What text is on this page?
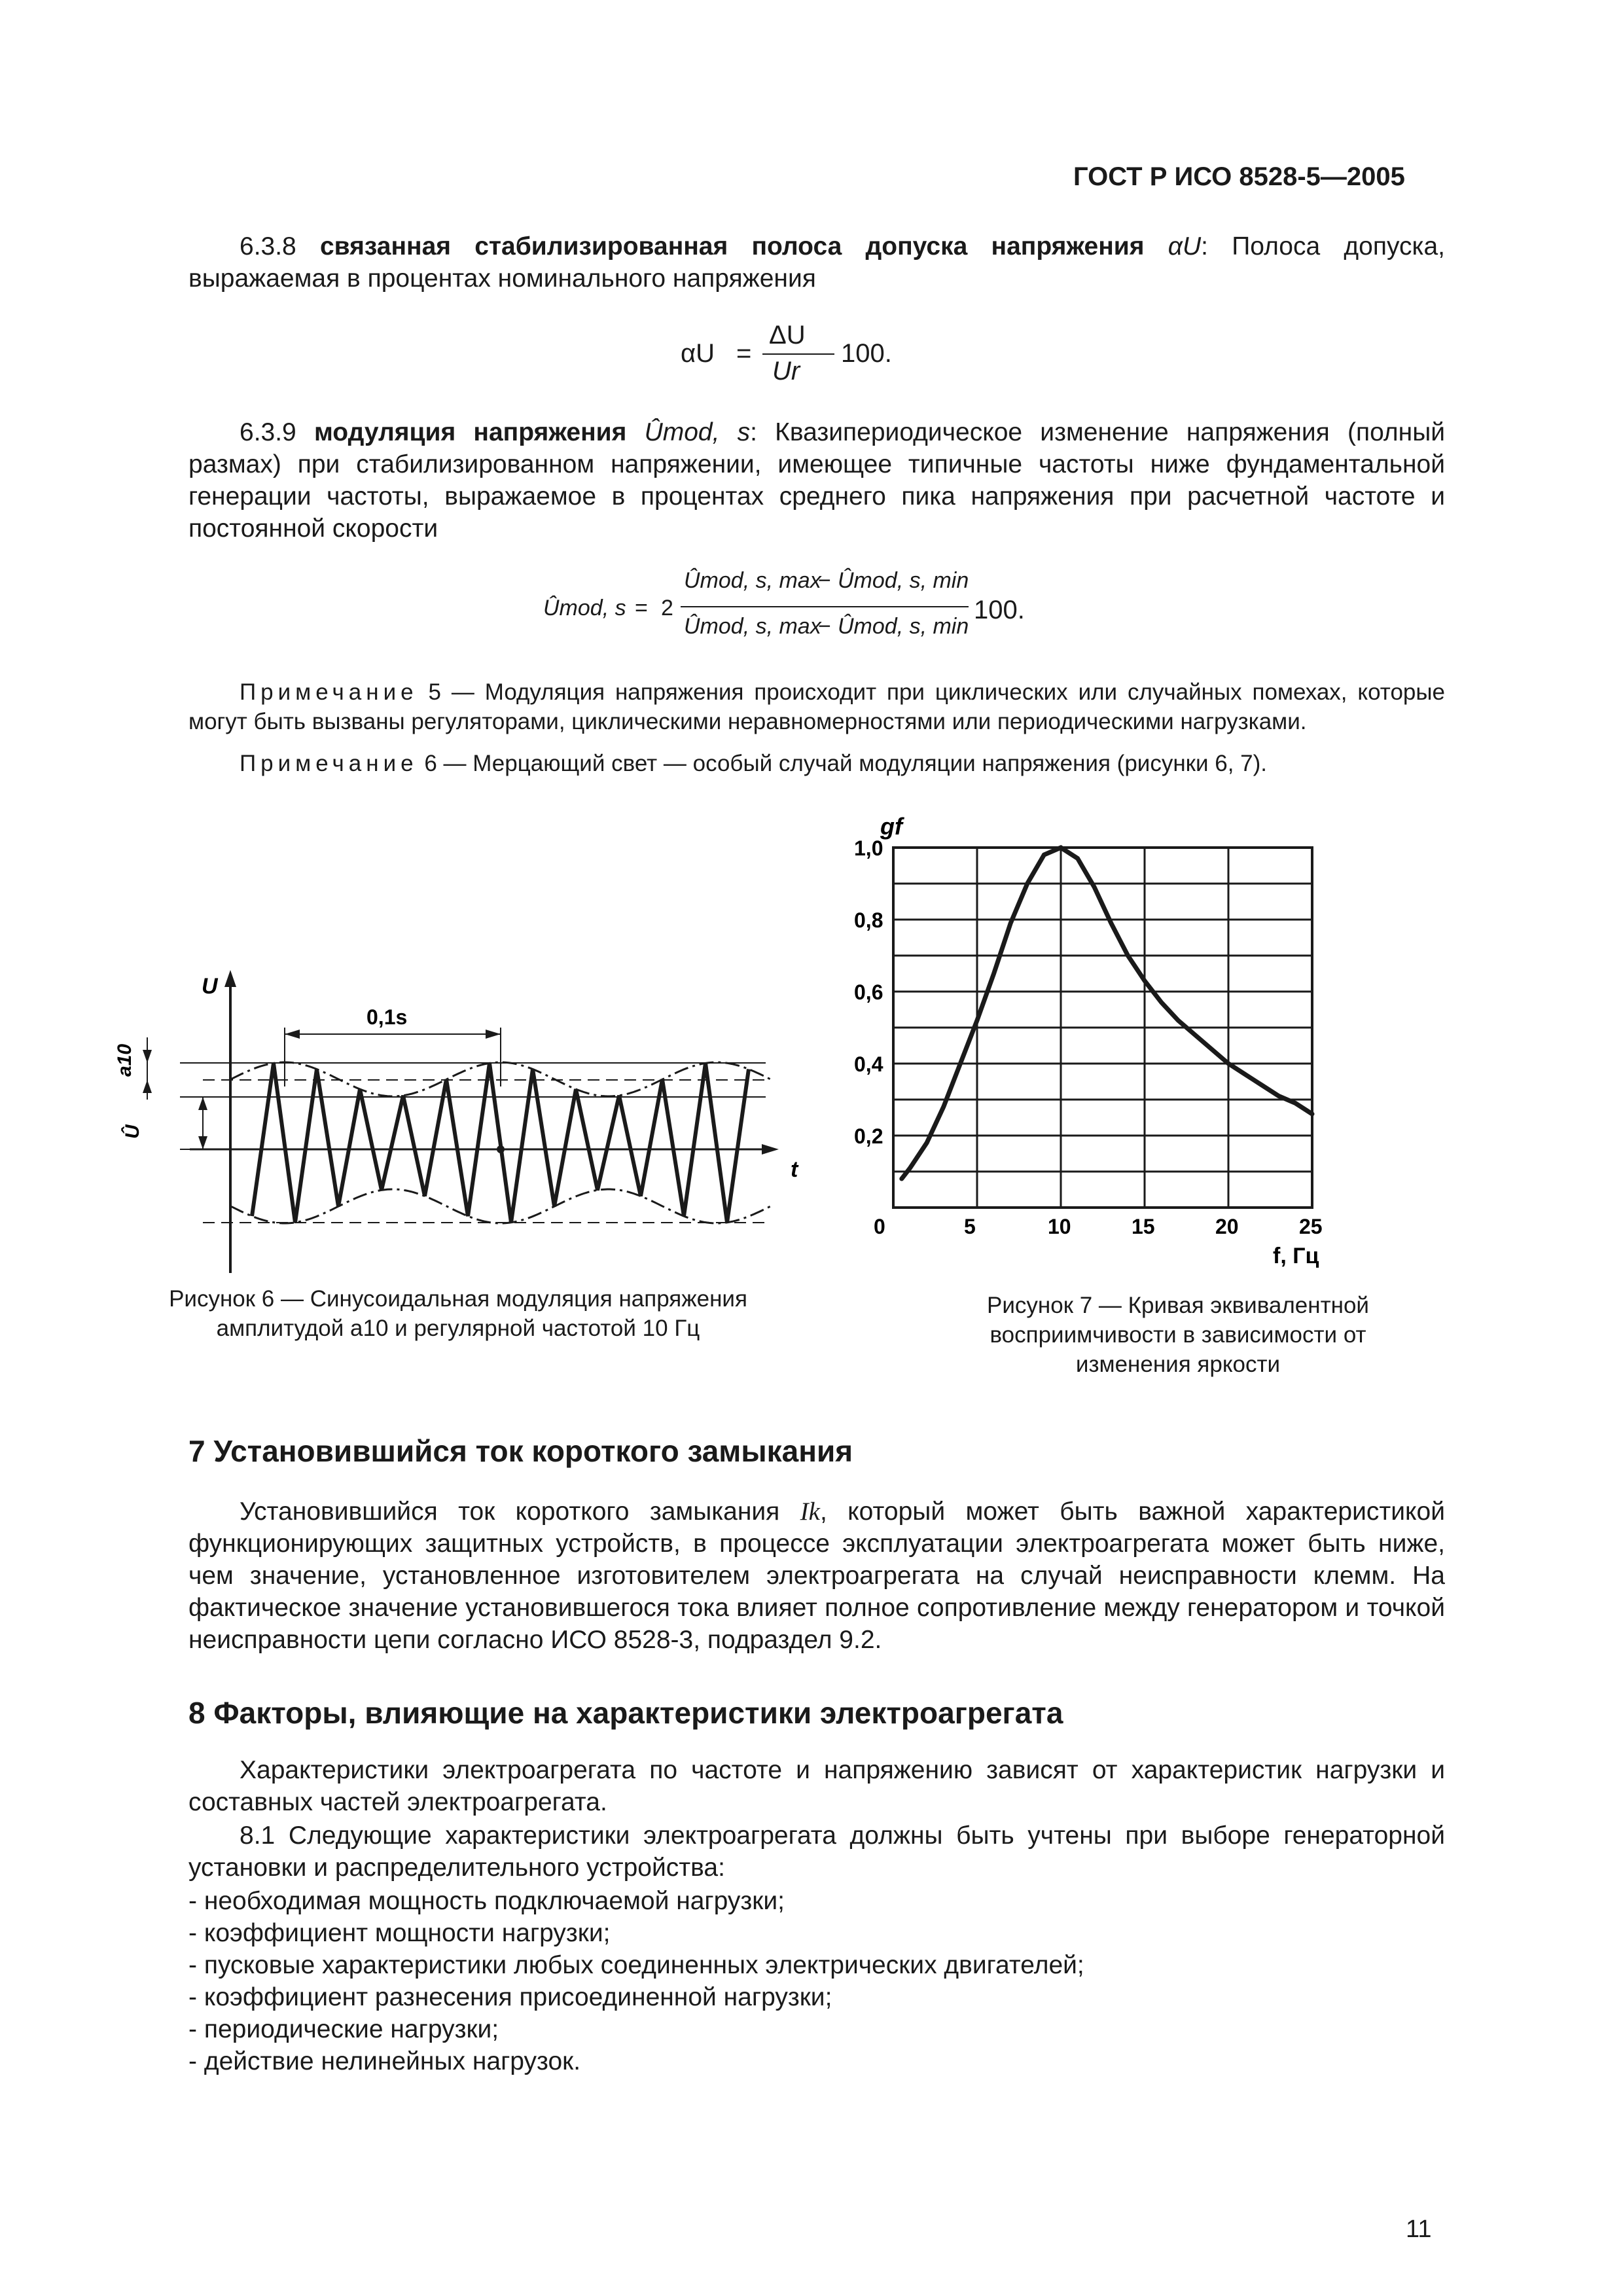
ГОСТ Р ИСО 8528-5—2005
6.3.8 связанная стабилизированная полоса допуска напряжения αU: Полоса допуска, выражаемая в процентах номинального напряжения
αU =
ΔU
Ur
100.
6.3.9 модуляция напряжения Ûmod, s: Квазипериодическое изменение напряжения (полный размах) при стабилизированном напряжении, имеющее типичные частоты ниже фундаментальной генерации частоты, выражаемое в процентах среднего пика напряжения при расчетной частоте и постоянной скорости
Ûmod, s = 2
Ûmod, s, max
− Ûmod, s, min
Ûmod, s, max
− Ûmod, s, min
100.
Примечание 5 — Модуляция напряжения происходит при циклических или случайных помехах, которые могут быть вызваны регуляторами, циклическими неравномерностями или периодическими нагрузками.
Примечание 6 — Мерцающий свет — особый случай модуляции напряжения (рисунки 6, 7).
U
t
0,1s
a10
Û
Рисунок 6 — Синусоидальная модуляция напряжения
амплитудой a10 и регулярной частотой 10 Гц
0	5	10	15	20	25
0,2
0,4
0,6
0,8
1,0
gf
f, Гц
Рисунок 7 — Кривая эквивалентной
восприимчивости в зависимости от
изменения яркости
7 Установившийся ток короткого замыкания
Установившийся ток короткого замыкания Ik, который может быть важной характеристикой функционирующих защитных устройств, в процессе эксплуатации электроагрегата может быть ниже, чем значение, установленное изготовителем электроагрегата на случай неисправности клемм. На фактическое значение установившегося тока влияет полное сопротивление между генератором и точкой неисправности цепи согласно ИСО 8528-3, подраздел 9.2.
8 Факторы, влияющие на характеристики электроагрегата
Характеристики электроагрегата по частоте и напряжению зависят от характеристик нагрузки и составных частей электроагрегата.
8.1 Следующие характеристики электроагрегата должны быть учтены при выборе генераторной установки и распределительного устройства:
- необходимая мощность подключаемой нагрузки;
- коэффициент мощности нагрузки;
- пусковые характеристики любых соединенных электрических двигателей;
- коэффициент разнесения присоединенной нагрузки;
- периодические нагрузки;
- действие нелинейных нагрузок.
11
